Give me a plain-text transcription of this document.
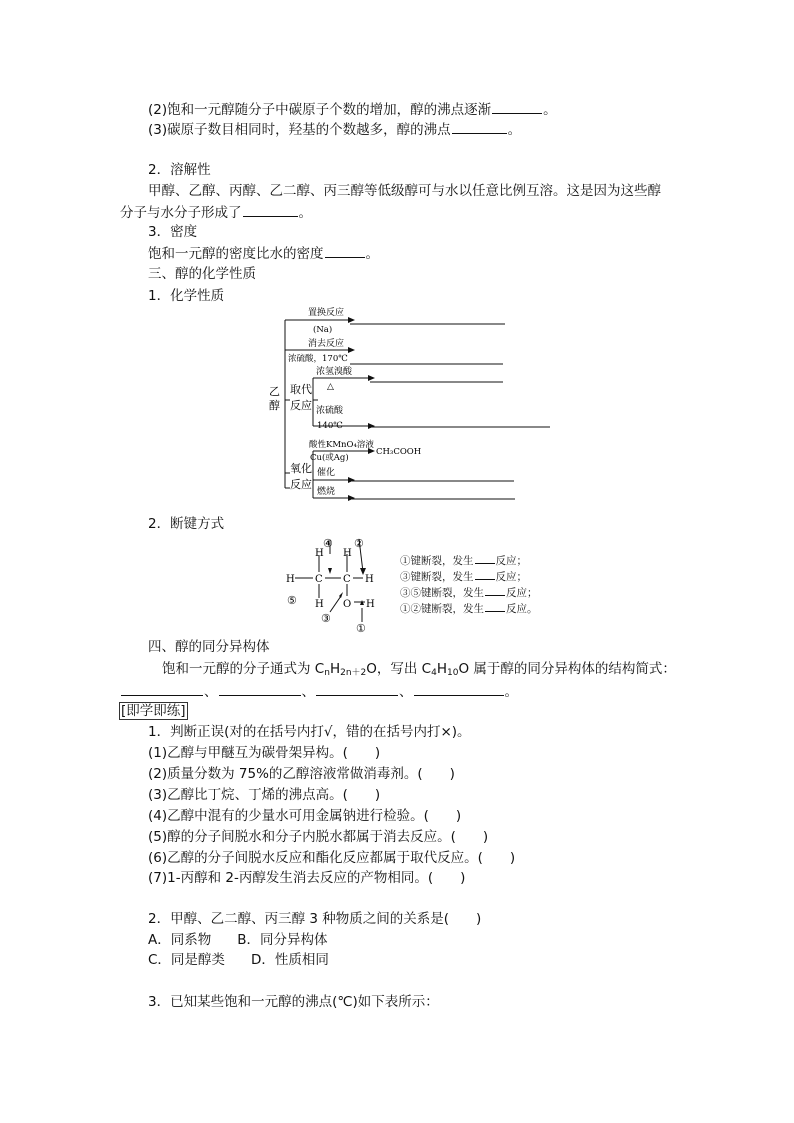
(2)饱和一元醇随分子中碳原子个数的增加，醇的沸点逐渐	。
(3)碳原子数目相同时，羟基的个数越多，醇的沸点	。
2．溶解性
甲醇、乙醇、丙醇、乙二醇、丙三醇等低级醇可与水以任意比例互溶。这是因为这些醇
分子与水分子形成了	。
3．密度
饱和一元醇的密度比水的密度	。
三、醇的化学性质
1．化学性质
乙
醇
置换反应
(Na)
消去反应
浓硫酸，170℃
取代
反应
浓氢溴酸
△
浓硫酸
140℃
酸性KMnO₄溶液
Cu(或Ag)
CH₃COOH
氧化
反应
催化
燃烧
2．断键方式
H H
H C C H
H O H
④ ②
⑤
③
①
①键断裂，发生 反应；
③键断裂，发生 反应；
③⑤键断裂，发生 反应；
①②键断裂，发生 反应。
四、醇的同分异构体
饱和一元醇的分子通式为 $C_nH_{2n+2}O$，写出 $C_4H_{10}O$ 属于醇的同分异构体的结构简式：
、	、	、	。
[即学即练]
1．判断正误(对的在括号内打√，错的在括号内打×)。
(1)乙醇与甲醚互为碳骨架异构。(　　)
(2)质量分数为 75%的乙醇溶液常做消毒剂。(　　)
(3)乙醇比丁烷、丁烯的沸点高。(　　)
(4)乙醇中混有的少量水可用金属钠进行检验。(　　)
(5)醇的分子间脱水和分子内脱水都属于消去反应。(　　)
(6)乙醇的分子间脱水反应和酯化反应都属于取代反应。(　　)
(7)1-丙醇和 2-丙醇发生消去反应的产物相同。(　　)
2．甲醇、乙二醇、丙三醇 3 种物质之间的关系是(　　)
A．同系物 B．同分异构体
C．同是醇类 D．性质相同
3．已知某些饱和一元醇的沸点(℃)如下表所示：
